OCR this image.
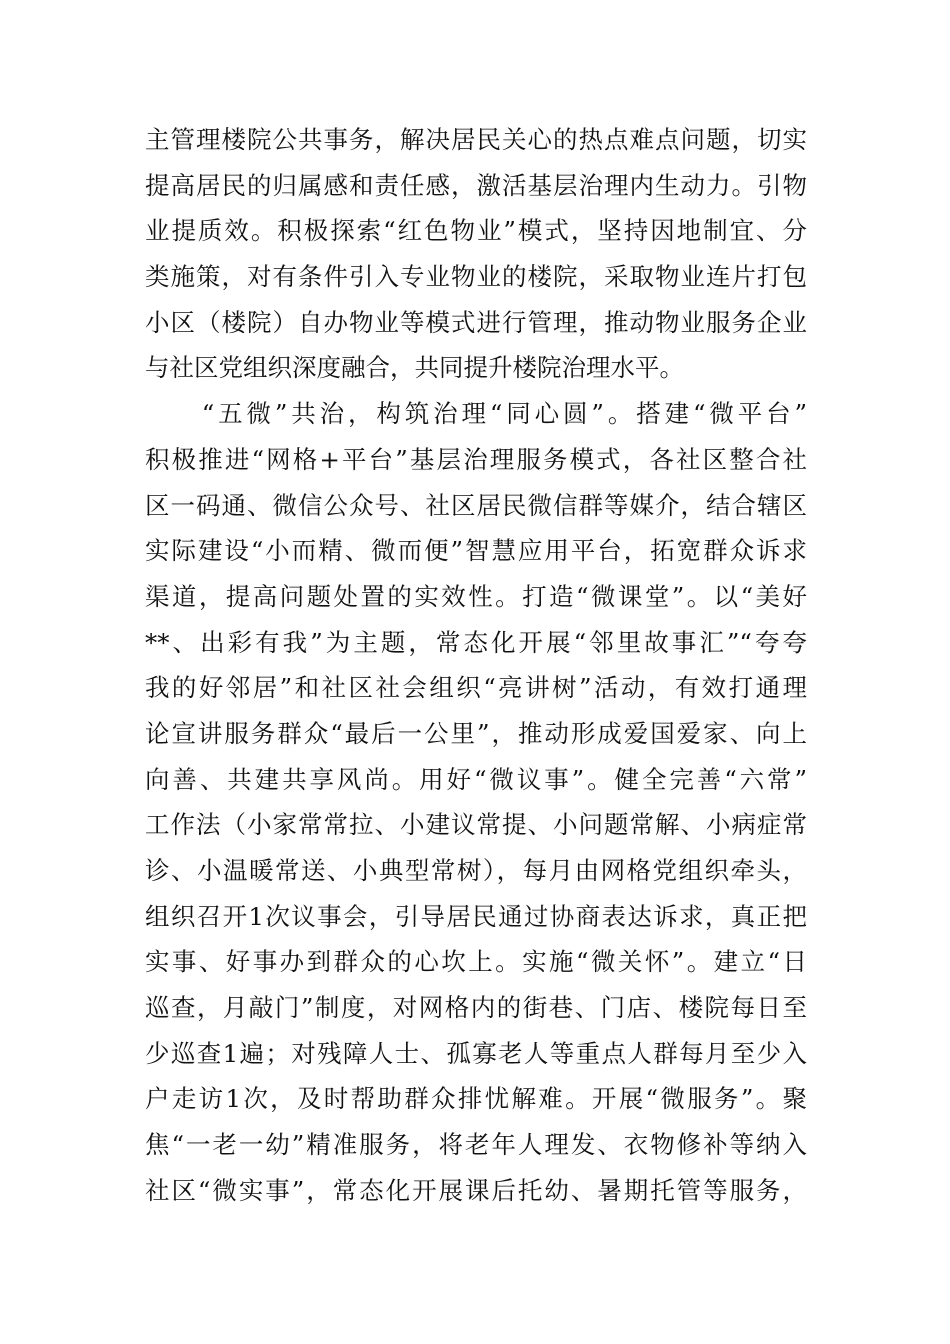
主管理楼院公共事务，解决居民关心的热点难点问题，切实
提高居民的归属感和责任感，激活基层治理内生动力。引物
业提质效。积极探索“红色物业”模式，坚持因地制宜、分
类施策，对有条件引入专业物业的楼院，采取物业连片打包
小区（楼院）自办物业等模式进行管理，推动物业服务企业
与社区党组织深度融合，共同提升楼院治理水平。
　　“五微”共治，构筑治理“同心圆”。搭建“微平台”
积极推进“网格+平台”基层治理服务模式，各社区整合社
区一码通、微信公众号、社区居民微信群等媒介，结合辖区
实际建设“小而精、微而便”智慧应用平台，拓宽群众诉求
渠道，提高问题处置的实效性。打造“微课堂”。以“美好
**、出彩有我”为主题，常态化开展“邻里故事汇”“夸夸
我的好邻居”和社区社会组织“亮讲树”活动，有效打通理
论宣讲服务群众“最后一公里”，推动形成爱国爱家、向上
向善、共建共享风尚。用好“微议事”。健全完善“六常”
工作法（小家常常拉、小建议常提、小问题常解、小病症常
诊、小温暖常送、小典型常树），每月由网格党组织牵头，
组织召开1次议事会，引导居民通过协商表达诉求，真正把
实事、好事办到群众的心坎上。实施“微关怀”。建立“日
巡查，月敲门”制度，对网格内的街巷、门店、楼院每日至
少巡查1遍；对残障人士、孤寡老人等重点人群每月至少入
户走访1次，及时帮助群众排忧解难。开展“微服务”。聚
焦“一老一幼”精准服务，将老年人理发、衣物修补等纳入
社区“微实事”，常态化开展课后托幼、暑期托管等服务，
